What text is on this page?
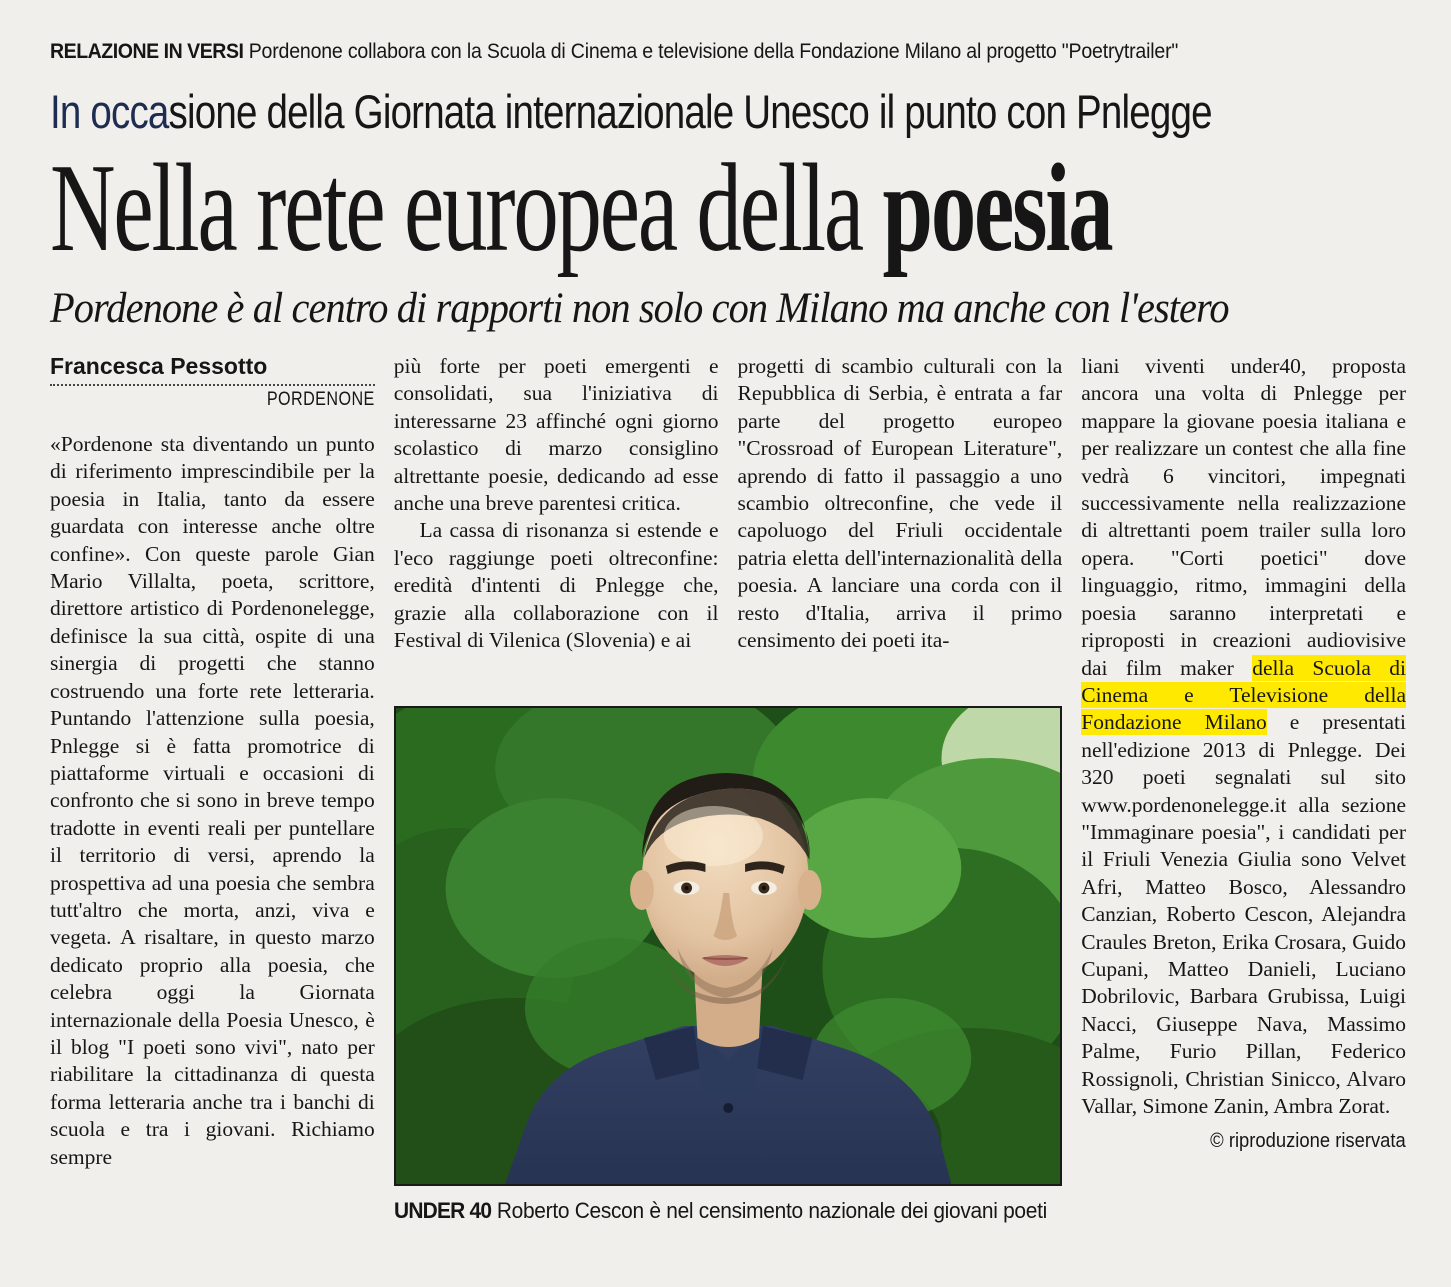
RELAZIONE IN VERSI Pordenone collabora con la Scuola di Cinema e televisione della Fondazione Milano al progetto "Poetrytrailer"
In occasione della Giornata internazionale Unesco il punto con Pnlegge
Nella rete europea della poesia
Pordenone è al centro di rapporti non solo con Milano ma anche con l'estero
Francesca Pessotto
PORDENONE

«Pordenone sta diventando un punto di riferimento imprescindibile per la poesia in Italia, tanto da essere guardata con interesse anche oltre confine». Con queste parole Gian Mario Villalta, poeta, scrittore, direttore artistico di Pordenonelegge, definisce la sua città, ospite di una sinergia di progetti che stanno costruendo una forte rete letteraria. Puntando l'attenzione sulla poesia, Pnlegge si è fatta promotrice di piattaforme virtuali e occasioni di confronto che si sono in breve tempo tradotte in eventi reali per puntellare il territorio di versi, aprendo la prospettiva ad una poesia che sembra tutt'altro che morta, anzi, viva e vegeta. A risaltare, in questo marzo dedicato proprio alla poesia, che celebra oggi la Giornata internazionale della Poesia Unesco, è il blog "I poeti sono vivi", nato per riabilitare la cittadinanza di questa forma letteraria anche tra i banchi di scuola e tra i giovani. Richiamo sempre

più forte per poeti emergenti e consolidati, sua l'iniziativa di interessarne 23 affinché ogni giorno scolastico di marzo consiglino altrettante poesie, dedicando ad esse anche una breve parentesi critica.

La cassa di risonanza si estende e l'eco raggiunge poeti oltreconfine: eredità d'intenti di Pnlegge che, grazie alla collaborazione con il Festival di Vilenica (Slovenia) e ai

progetti di scambio culturali con la Repubblica di Serbia, è entrata a far parte del progetto europeo "Crossroad of European Literature", aprendo di fatto il passaggio a uno scambio oltreconfine, che vede il capoluogo del Friuli occidentale patria eletta dell'internazionalità della poesia. A lanciare una corda con il resto d'Italia, arriva il primo censimento dei poeti ita-

UNDER 40 Roberto Cescon è nel censimento nazionale dei giovani poeti

liani viventi under40, proposta ancora una volta di Pnlegge per mappare la giovane poesia italiana e per realizzare un contest che alla fine vedrà 6 vincitori, impegnati successivamente nella realizzazione di altrettanti poem trailer sulla loro opera. "Corti poetici" dove linguaggio, ritmo, immagini della poesia saranno interpretati e riproposti in creazioni audiovisive dai film maker della Scuola di Cinema e Televisione della Fondazione Milano e presentati nell'edizione 2013 di Pnlegge. Dei 320 poeti segnalati sul sito www.pordenonelegge.it alla sezione "Immaginare poesia", i candidati per il Friuli Venezia Giulia sono Velvet Afri, Matteo Bosco, Alessandro Canzian, Roberto Cescon, Alejandra Craules Breton, Erika Crosara, Guido Cupani, Matteo Danieli, Luciano Dobrilovic, Barbara Grubissa, Luigi Nacci, Giuseppe Nava, Massimo Palme, Furio Pillan, Federico Rossignoli, Christian Sinicco, Alvaro Vallar, Simone Zanin, Ambra Zorat.

© riproduzione riservata
